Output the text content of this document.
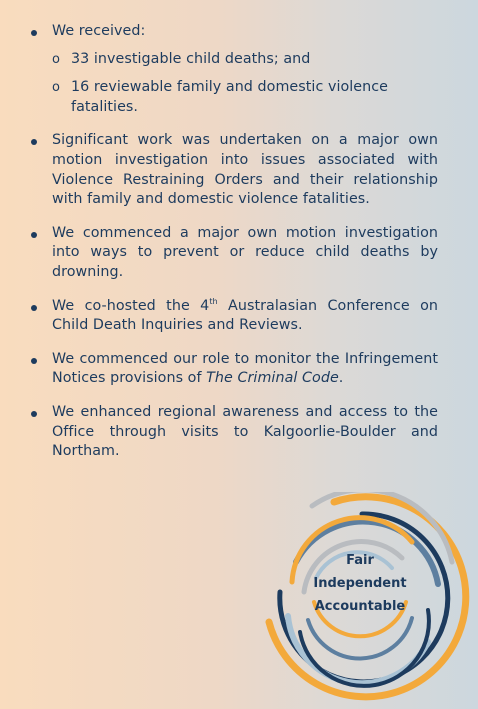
We received:
o 33 investigable child deaths; and
o 16 reviewable family and domestic violence fatalities.
Significant work was undertaken on a major own motion investigation into issues associated with Violence Restraining Orders and their relationship with family and domestic violence fatalities.
We commenced a major own motion investigation into ways to prevent or reduce child deaths by drowning.
We co-hosted the 4th Australasian Conference on Child Death Inquiries and Reviews.
We commenced our role to monitor the Infringement Notices provisions of The Criminal Code.
We enhanced regional awareness and access to the Office through visits to Kalgoorlie-Boulder and Northam.
Fair
Independent
Accountable
